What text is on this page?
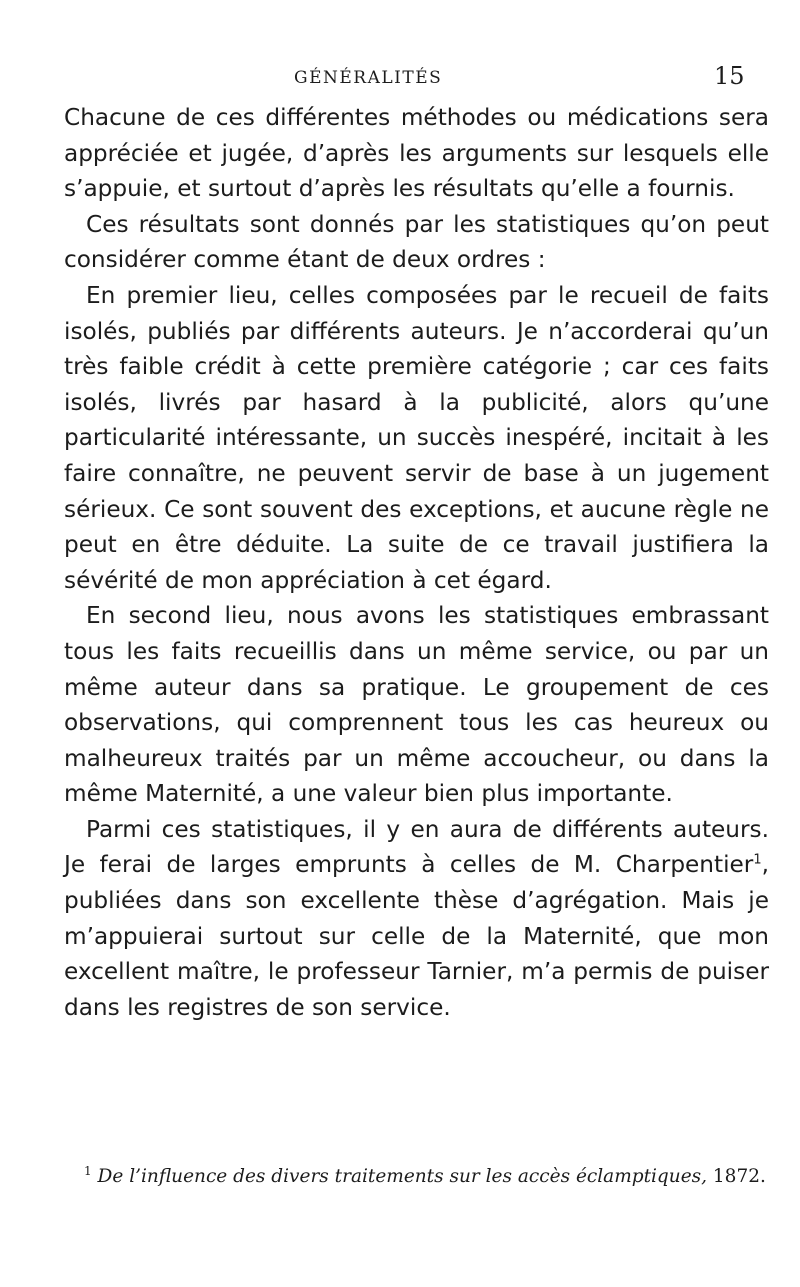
GÉNÉRALITÉS	15

Chacune de ces différentes méthodes ou médications sera appréciée et jugée, d’après les arguments sur lesquels elle s’appuie, et surtout d’après les résultats qu’elle a fournis.

Ces résultats sont donnés par les statistiques qu’on peut considérer comme étant de deux ordres :

En premier lieu, celles composées par le recueil de faits isolés, publiés par différents auteurs. Je n’accorderai qu’un très faible crédit à cette première catégorie ; car ces faits isolés, livrés par hasard à la publicité, alors qu’une particularité intéressante, un succès inespéré, incitait à les faire connaître, ne peuvent servir de base à un jugement sérieux. Ce sont souvent des exceptions, et aucune règle ne peut en être déduite. La suite de ce travail justifiera la sévérité de mon appréciation à cet égard.

En second lieu, nous avons les statistiques embrassant tous les faits recueillis dans un même service, ou par un même auteur dans sa pratique. Le groupement de ces observations, qui comprennent tous les cas heureux ou malheureux traités par un même accoucheur, ou dans la même Maternité, a une valeur bien plus importante.

Parmi ces statistiques, il y en aura de différents auteurs. Je ferai de larges emprunts à celles de M. Charpentier$^1$, publiées dans son excellente thèse d’agrégation. Mais je m’appuierai surtout sur celle de la Maternité, que mon excellent maître, le professeur Tarnier, m’a permis de puiser dans les registres de son service.

$^1$ De l’influence des divers traitements sur les accès éclamptiques, 1872.
